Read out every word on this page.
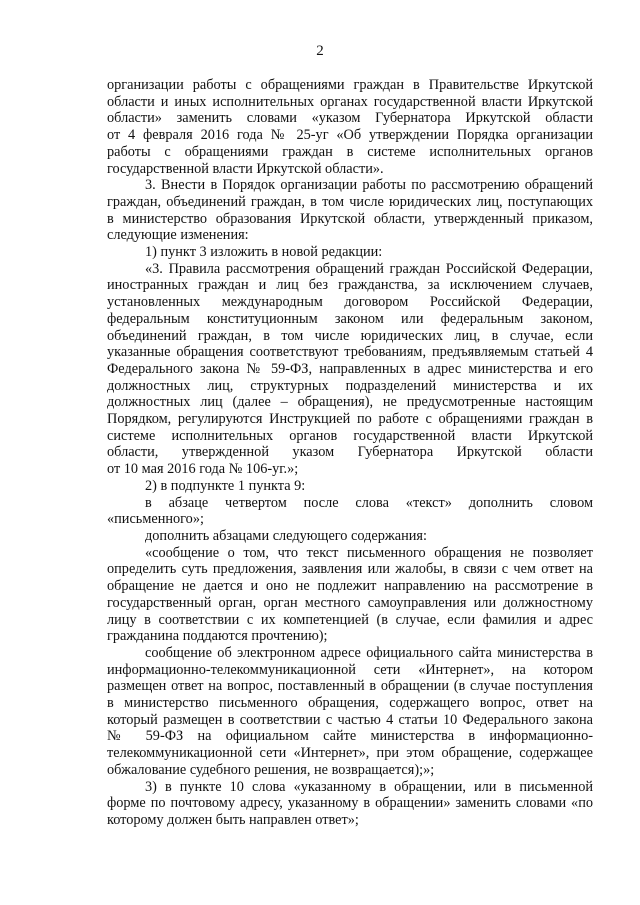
2

организации работы с обращениями граждан в Правительстве Иркутской
области и иных исполнительных органах государственной власти Иркутской
области» заменить словами «указом Губернатора Иркутской области
от 4 февраля 2016 года № 25-уг «Об утверждении Порядка организации
работы с обращениями граждан в системе исполнительных органов
государственной власти Иркутской области».

3. Внести в Порядок организации работы по рассмотрению обращений
граждан, объединений граждан, в том числе юридических лиц, поступающих
в министерство образования Иркутской области, утвержденный приказом,
следующие изменения:

1) пункт 3 изложить в новой редакции:

«3. Правила рассмотрения обращений граждан Российской Федерации,
иностранных граждан и лиц без гражданства, за исключением случаев,
установленных международным договором Российской Федерации,
федеральным конституционным законом или федеральным законом,
объединений граждан, в том числе юридических лиц, в случае, если
указанные обращения соответствуют требованиям, предъявляемым статьей 4
Федерального закона № 59-ФЗ, направленных в адрес министерства и его
должностных лиц, структурных подразделений министерства и их
должностных лиц (далее – обращения), не предусмотренные настоящим
Порядком, регулируются Инструкцией по работе с обращениями граждан в
системе исполнительных органов государственной власти Иркутской
области, утвержденной указом Губернатора Иркутской области
от 10 мая 2016 года № 106-уг.»;

2) в подпункте 1 пункта 9:

в абзаце четвертом после слова «текст» дополнить словом
«письменного»;

дополнить абзацами следующего содержания:

«сообщение о том, что текст письменного обращения не позволяет
определить суть предложения, заявления или жалобы, в связи с чем ответ на
обращение не дается и оно не подлежит направлению на рассмотрение в
государственный орган, орган местного самоуправления или должностному
лицу в соответствии с их компетенцией (в случае, если фамилия и адрес
гражданина поддаются прочтению);

сообщение об электронном адресе официального сайта министерства в
информационно-телекоммуникационной сети «Интернет», на котором
размещен ответ на вопрос, поставленный в обращении (в случае поступления
в министерство письменного обращения, содержащего вопрос, ответ на
который размещен в соответствии с частью 4 статьи 10 Федерального закона
№ 59-ФЗ на официальном сайте министерства в информационно-
телекоммуникационной сети «Интернет», при этом обращение, содержащее
обжалование судебного решения, не возвращается);»;

3) в пункте 10 слова «указанному в обращении, или в письменной
форме по почтовому адресу, указанному в обращении» заменить словами «по
которому должен быть направлен ответ»;
